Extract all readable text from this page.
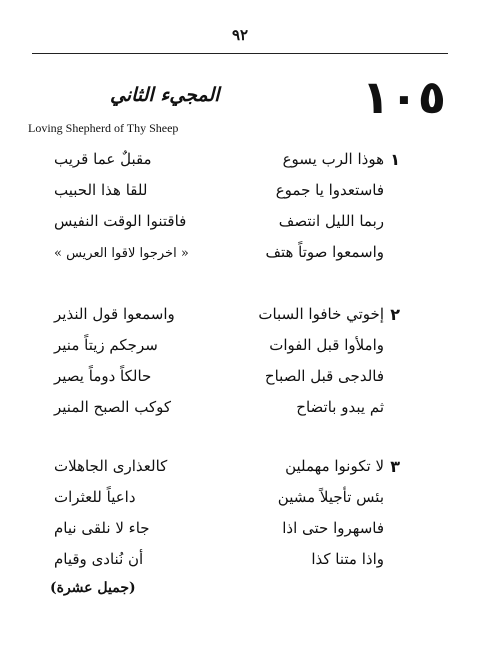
٩٢
١٠٥
المجيء الثاني
Loving Shepherd of Thy Sheep
١
هوذا الرب يسوع
مقبلٌ عما قريب
فاستعدوا يا جموع
للقا هذا الحبيب
ربما الليل انتصف
فاقتنوا الوقت النفيس
واسمعوا صوتاً هتف
« اخرجوا لاقوا العريس »
٢
إخوتي خافوا السبات
واسمعوا قول النذير
واملأوا قبل الفوات
سرجكم زيتاً منير
فالدجى قبل الصباح
حالكاً دوماً يصير
ثم يبدو باتضاح
كوكب الصبح المنير
٣
لا تكونوا مهملين
كالعذارى الجاهلات
بئس تأجيلاً مشين
داعياً للعثرات
فاسهروا حتى اذا
جاء لا نلقى نيام
واذا متنا كذا
أن نُنادى وقيام
(جميل عشرة)
